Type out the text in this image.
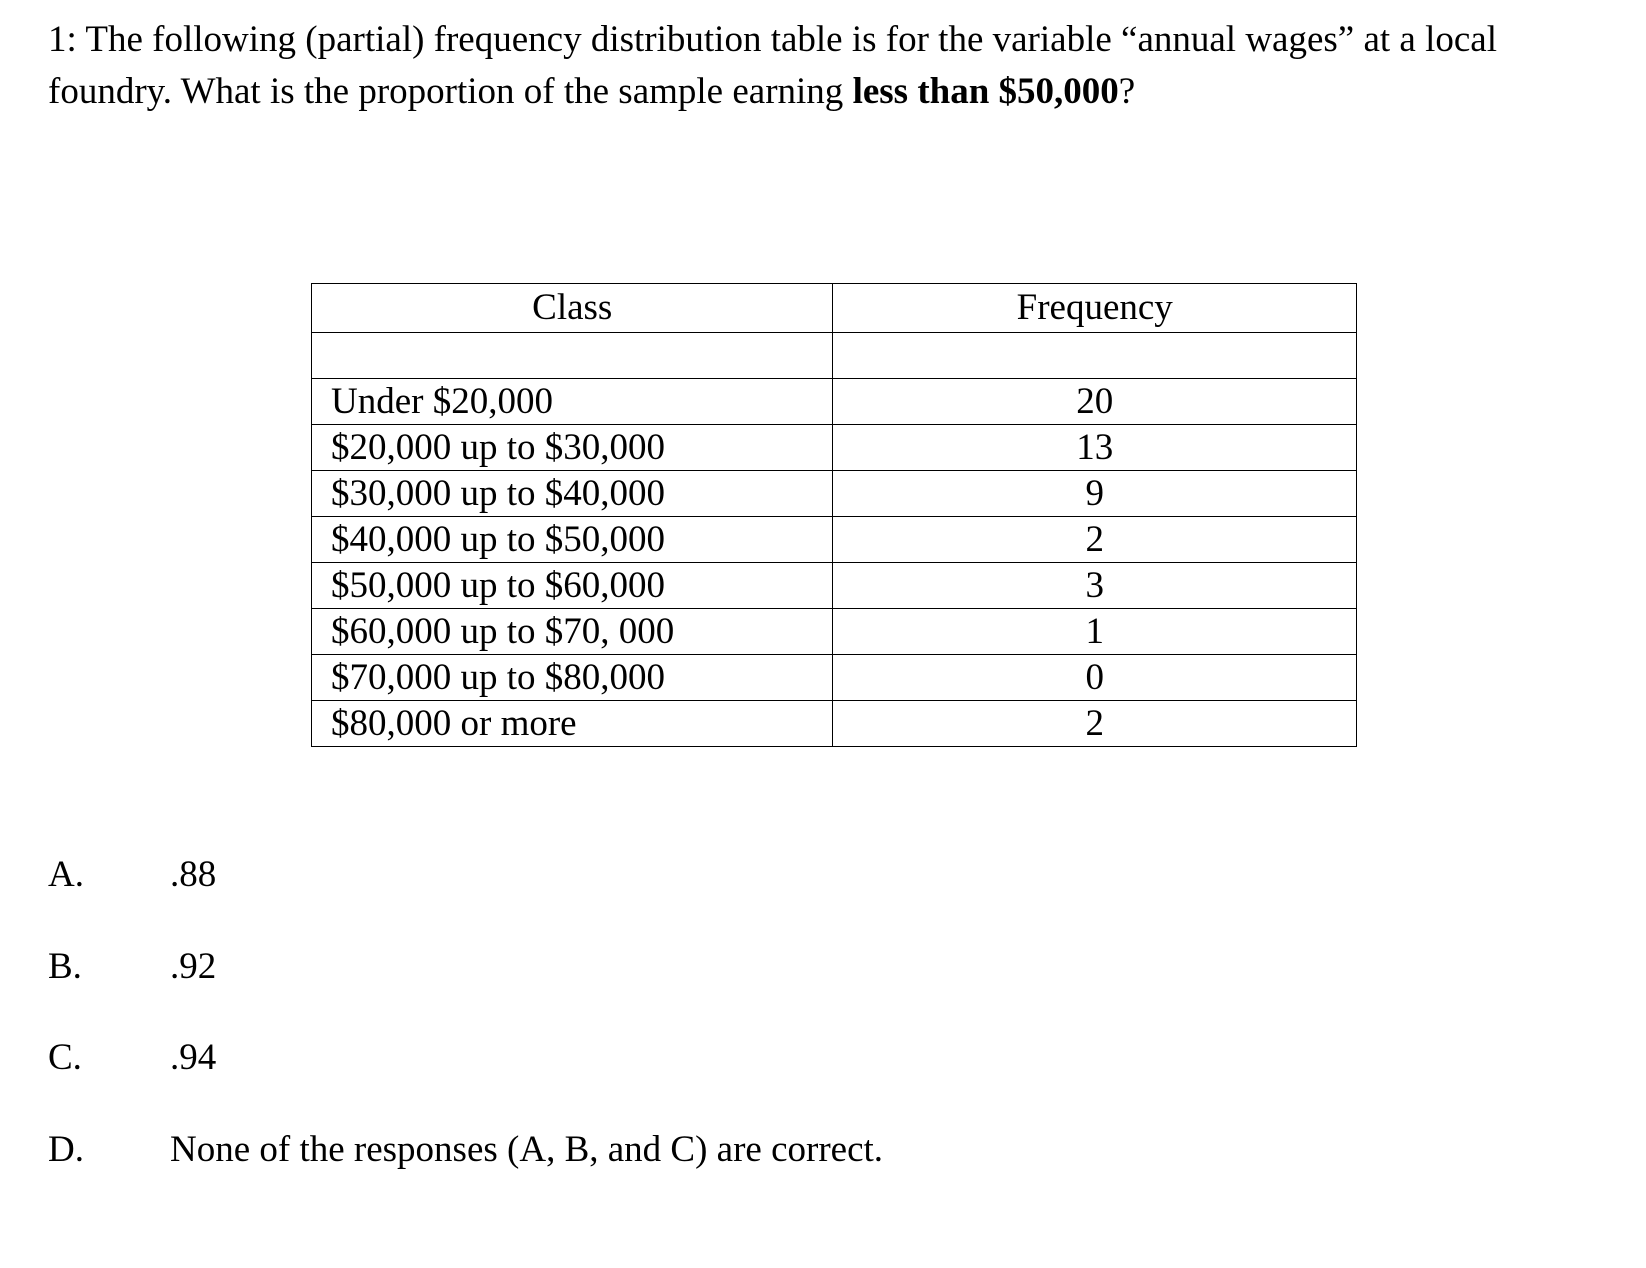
1: The following (partial) frequency distribution table is for the variable “annual wages” at a local foundry. What is the proportion of the sample earning less than $50,000?

Class	Frequency

Under $20,000	20
$20,000 up to $30,000	13
$30,000 up to $40,000	9
$40,000 up to $50,000	2
$50,000 up to $60,000	3
$60,000 up to $70, 000	1
$70,000 up to $80,000	0
$80,000 or more	2
A.	.88
B.	.92
C.	.94
D.	None of the responses (A, B, and C) are correct.
